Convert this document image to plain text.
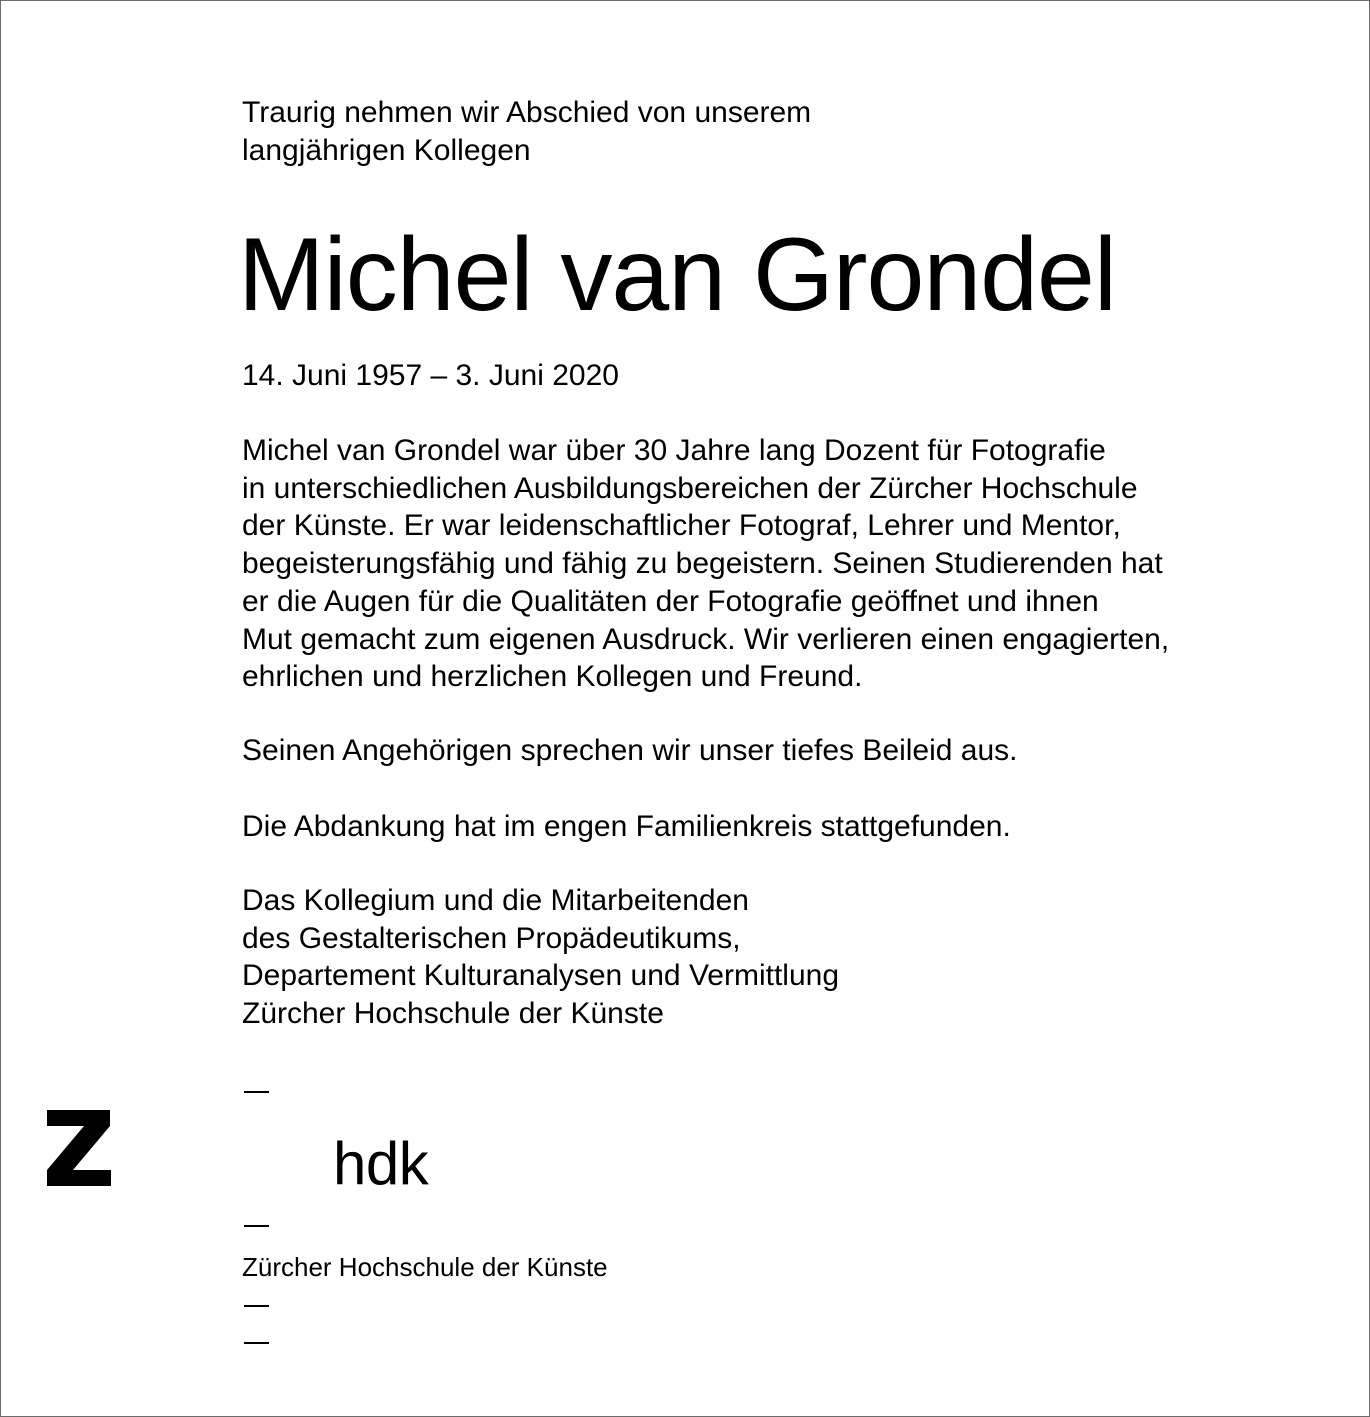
Traurig nehmen wir Abschied von unserem
langjährigen Kollegen

Michel van Grondel

14. Juni 1957 – 3. Juni 2020

Michel van Grondel war über 30 Jahre lang Dozent für Fotografie
in unterschiedlichen Ausbildungsbereichen der Zürcher Hochschule
der Künste. Er war leidenschaftlicher Fotograf, Lehrer und Mentor,
begeisterungsfähig und fähig zu begeistern. Seinen Studierenden hat
er die Augen für die Qualitäten der Fotografie geöffnet und ihnen
Mut gemacht zum eigenen Ausdruck. Wir verlieren einen engagierten,
ehrlichen und herzlichen Kollegen und Freund.

Seinen Angehörigen sprechen wir unser tiefes Beileid aus.

Die Abdankung hat im engen Familienkreis stattgefunden.

Das Kollegium und die Mitarbeitenden
des Gestalterischen Propädeutikums,
Departement Kulturanalysen und Vermittlung
Zürcher Hochschule der Künste

hdk

Zürcher Hochschule der Künste
